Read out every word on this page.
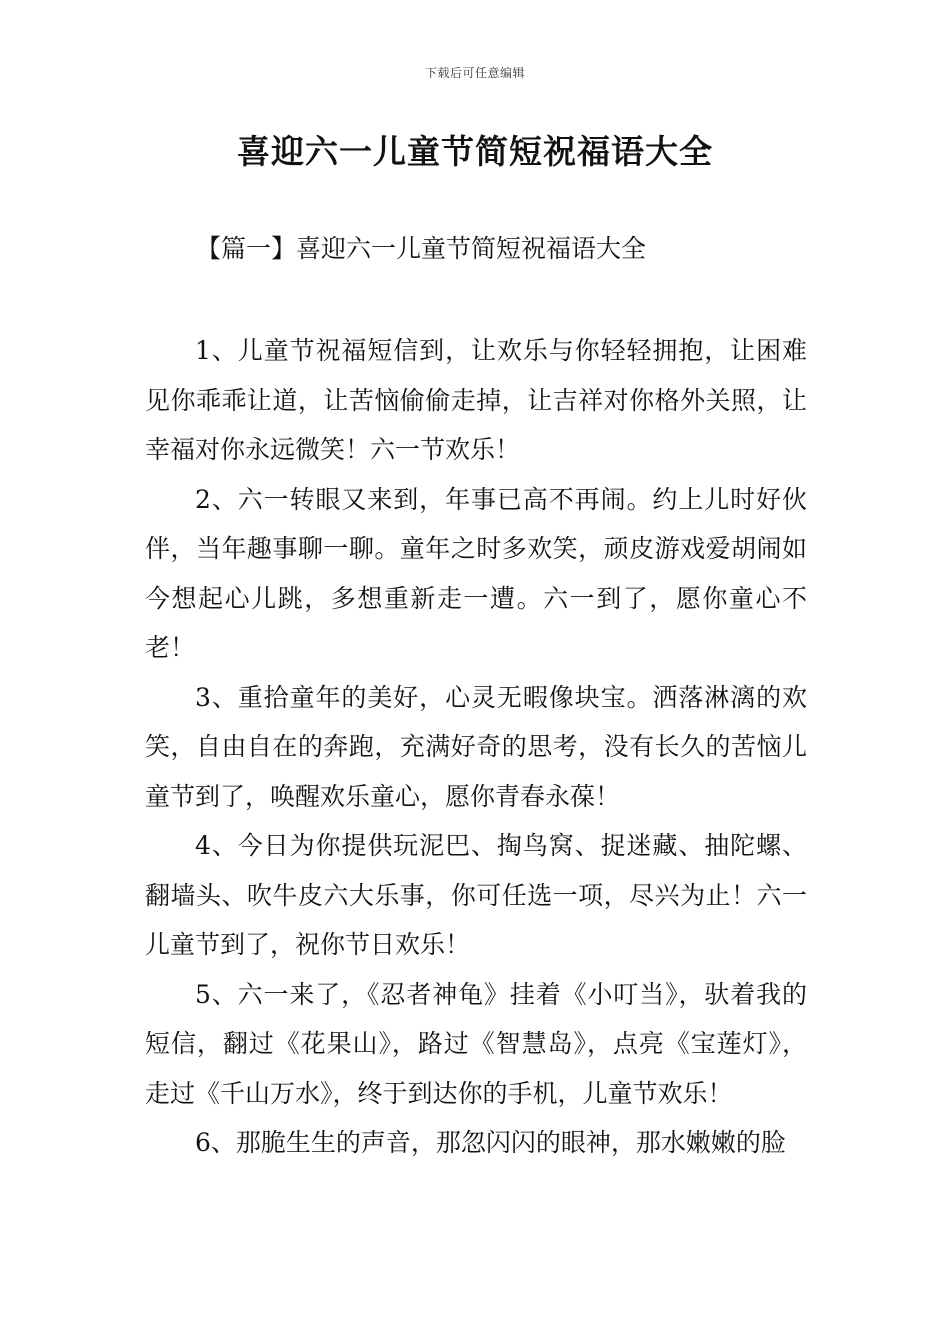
下载后可任意编辑
喜迎六一儿童节简短祝福语大全
【篇一】喜迎六一儿童节简短祝福语大全

1、儿童节祝福短信到，让欢乐与你轻轻拥抱，让困难见你乖乖让道，让苦恼偷偷走掉，让吉祥对你格外关照，让幸福对你永远微笑！六一节欢乐！

2、六一转眼又来到，年事已高不再闹。约上儿时好伙伴，当年趣事聊一聊。童年之时多欢笑，顽皮游戏爱胡闹如今想起心儿跳，多想重新走一遭。六一到了，愿你童心不老！

3、重拾童年的美好，心灵无暇像块宝。洒落淋漓的欢笑，自由自在的奔跑，充满好奇的思考，没有长久的苦恼儿童节到了，唤醒欢乐童心，愿你青春永葆！

4、今日为你提供玩泥巴、掏鸟窝、捉迷藏、抽陀螺、翻墙头、吹牛皮六大乐事，你可任选一项，尽兴为止！六一儿童节到了，祝你节日欢乐！

5、六一来了，《忍者神龟》挂着《小叮当》，驮着我的短信，翻过《花果山》，路过《智慧岛》，点亮《宝莲灯》，走过《千山万水》，终于到达你的手机，儿童节欢乐！

6、那脆生生的声音，那忽闪闪的眼神，那水嫩嫩的脸
